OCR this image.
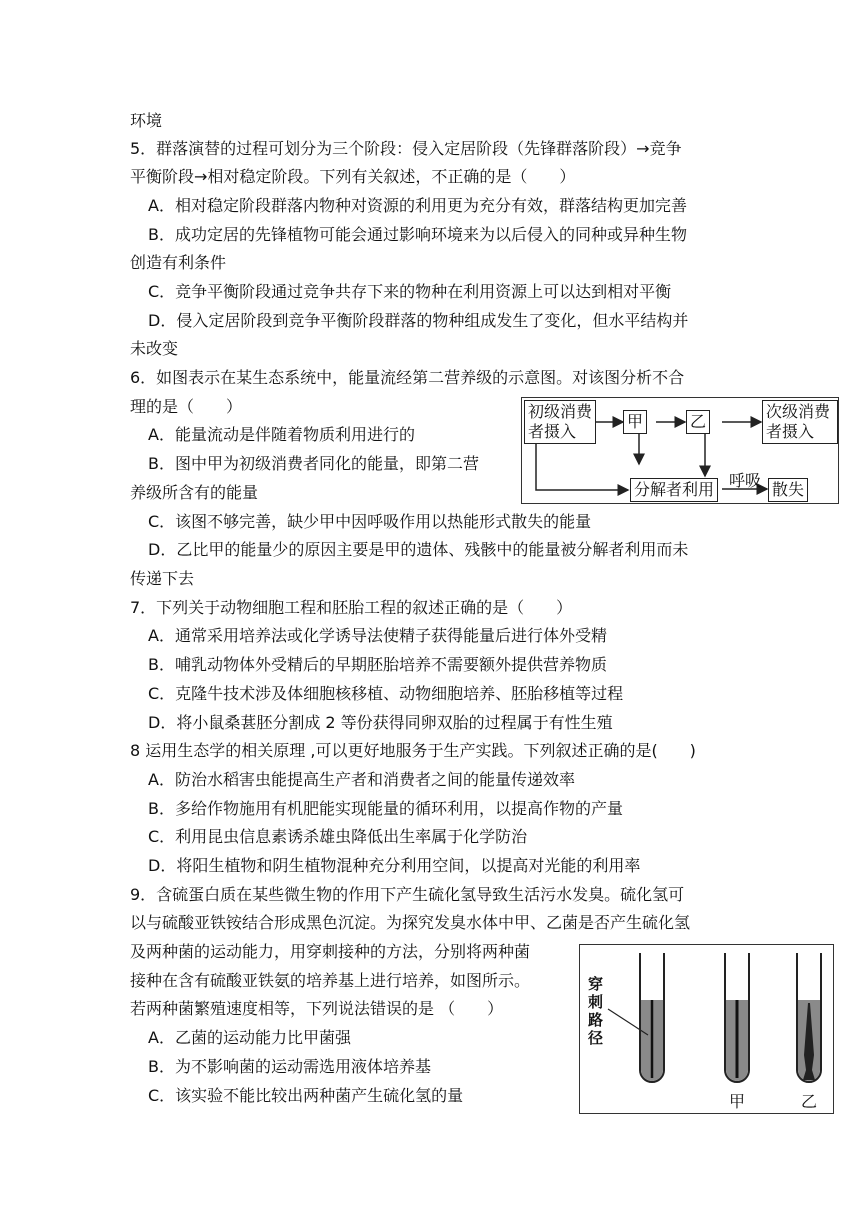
环境
5．群落演替的过程可划分为三个阶段：侵入定居阶段（先锋群落阶段）→竞争
平衡阶段→相对稳定阶段。下列有关叙述，不正确的是（　　）
A．相对稳定阶段群落内物种对资源的利用更为充分有效，群落结构更加完善
B．成功定居的先锋植物可能会通过影响环境来为以后侵入的同种或异种生物
创造有利条件
C．竞争平衡阶段通过竞争共存下来的物种在利用资源上可以达到相对平衡
D．侵入定居阶段到竞争平衡阶段群落的物种组成发生了变化，但水平结构并
未改变
6．如图表示在某生态系统中，能量流经第二营养级的示意图。对该图分析不合
理的是（　　）
A．能量流动是伴随着物质利用进行的
B．图中甲为初级消费者同化的能量，即第二营
养级所含有的能量
C．该图不够完善，缺少甲中因呼吸作用以热能形式散失的能量
D．乙比甲的能量少的原因主要是甲的遗体、残骸中的能量被分解者利用而未
传递下去
7．下列关于动物细胞工程和胚胎工程的叙述正确的是（　　）
A．通常采用培养法或化学诱导法使精子获得能量后进行体外受精
B．哺乳动物体外受精后的早期胚胎培养不需要额外提供营养物质
C．克隆牛技术涉及体细胞核移植、动物细胞培养、胚胎移植等过程
D．将小鼠桑葚胚分割成 2 等份获得同卵双胎的过程属于有性生殖
8 运用生态学的相关原理 ,可以更好地服务于生产实践。下列叙述正确的是(　　)
A．防治水稻害虫能提高生产者和消费者之间的能量传递效率
B．多给作物施用有机肥能实现能量的循环利用，以提高作物的产量
C．利用昆虫信息素诱杀雄虫降低出生率属于化学防治
D．将阳生植物和阴生植物混种充分利用空间，以提高对光能的利用率
9．含硫蛋白质在某些微生物的作用下产生硫化氢导致生活污水发臭。硫化氢可
以与硫酸亚铁铵结合形成黑色沉淀。为探究发臭水体中甲、乙菌是否产生硫化氢
及两种菌的运动能力，用穿刺接种的方法，分别将两种菌
接种在含有硫酸亚铁氨的培养基上进行培养，如图所示。
若两种菌繁殖速度相等，下列说法错误的是 （　　）
A．乙菌的运动能力比甲菌强
B．为不影响菌的运动需选用液体培养基
C．该实验不能比较出两种菌产生硫化氢的量
初级消费
者摄入
甲	乙
次级消费
者摄入
分解者利用 呼吸 散失
穿
刺
路
径
甲	乙
